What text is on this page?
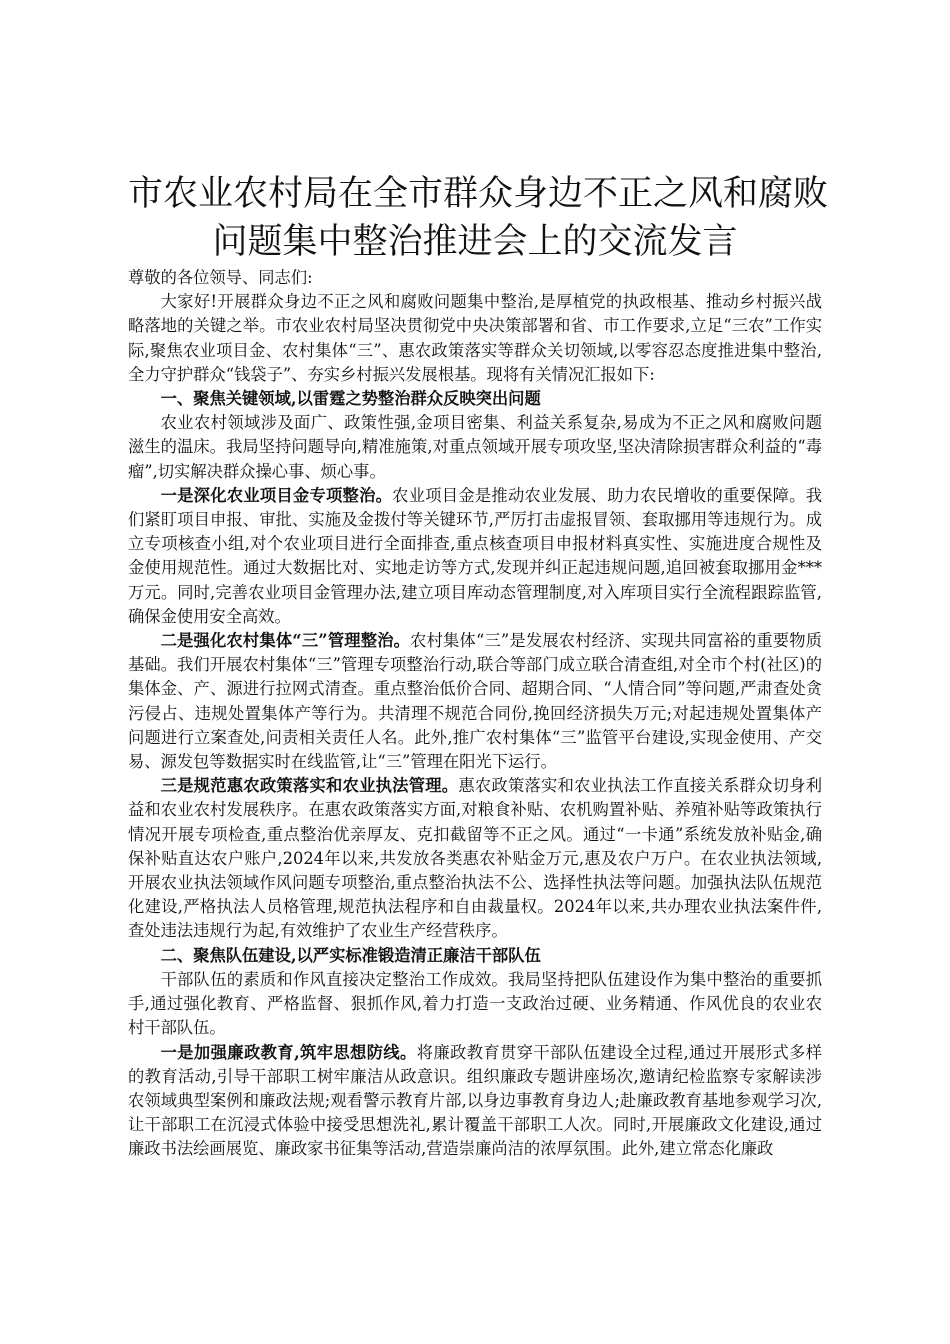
市农业农村局在全市群众身边不正之风和腐败
问题集中整治推进会上的交流发言

尊敬的各位领导、同志们:

大家好!开展群众身边不正之风和腐败问题集中整治,是厚植党的执政根基、推动乡村振兴战略落地的关键之举。市农业农村局坚决贯彻党中央决策部署和省、市工作要求,立足“三农”工作实际,聚焦农业项目金、农村集体“三”、惠农政策落实等群众关切领域,以零容忍态度推进集中整治,全力守护群众“钱袋子”、夯实乡村振兴发展根基。现将有关情况汇报如下:

一、聚焦关键领域,以雷霆之势整治群众反映突出问题

农业农村领域涉及面广、政策性强,金项目密集、利益关系复杂,易成为不正之风和腐败问题滋生的温床。我局坚持问题导向,精准施策,对重点领域开展专项攻坚,坚决清除损害群众利益的“毒瘤”,切实解决群众操心事、烦心事。

一是深化农业项目金专项整治。农业项目金是推动农业发展、助力农民增收的重要保障。我们紧盯项目申报、审批、实施及金拨付等关键环节,严厉打击虚报冒领、套取挪用等违规行为。成立专项核查小组,对个农业项目进行全面排查,重点核查项目申报材料真实性、实施进度合规性及金使用规范性。通过大数据比对、实地走访等方式,发现并纠正起违规问题,追回被套取挪用金***万元。同时,完善农业项目金管理办法,建立项目库动态管理制度,对入库项目实行全流程跟踪监管,确保金使用安全高效。

二是强化农村集体“三”管理整治。农村集体“三”是发展农村经济、实现共同富裕的重要物质基础。我们开展农村集体“三”管理专项整治行动,联合等部门成立联合清查组,对全市个村(社区)的集体金、产、源进行拉网式清查。重点整治低价合同、超期合同、“人情合同”等问题,严肃查处贪污侵占、违规处置集体产等行为。共清理不规范合同份,挽回经济损失万元;对起违规处置集体产问题进行立案查处,问责相关责任人名。此外,推广农村集体“三”监管平台建设,实现金使用、产交易、源发包等数据实时在线监管,让“三”管理在阳光下运行。

三是规范惠农政策落实和农业执法管理。惠农政策落实和农业执法工作直接关系群众切身利益和农业农村发展秩序。在惠农政策落实方面,对粮食补贴、农机购置补贴、养殖补贴等政策执行情况开展专项检查,重点整治优亲厚友、克扣截留等不正之风。通过“一卡通”系统发放补贴金,确保补贴直达农户账户,2024年以来,共发放各类惠农补贴金万元,惠及农户万户。在农业执法领域,开展农业执法领域作风问题专项整治,重点整治执法不公、选择性执法等问题。加强执法队伍规范化建设,严格执法人员格管理,规范执法程序和自由裁量权。2024年以来,共办理农业执法案件件,查处违法违规行为起,有效维护了农业生产经营秩序。

二、聚焦队伍建设,以严实标准锻造清正廉洁干部队伍

干部队伍的素质和作风直接决定整治工作成效。我局坚持把队伍建设作为集中整治的重要抓手,通过强化教育、严格监督、狠抓作风,着力打造一支政治过硬、业务精通、作风优良的农业农村干部队伍。

一是加强廉政教育,筑牢思想防线。将廉政教育贯穿干部队伍建设全过程,通过开展形式多样的教育活动,引导干部职工树牢廉洁从政意识。组织廉政专题讲座场次,邀请纪检监察专家解读涉农领域典型案例和廉政法规;观看警示教育片部,以身边事教育身边人;赴廉政教育基地参观学习次,让干部职工在沉浸式体验中接受思想洗礼,累计覆盖干部职工人次。同时,开展廉政文化建设,通过廉政书法绘画展览、廉政家书征集等活动,营造崇廉尚洁的浓厚氛围。此外,建立常态化廉政
